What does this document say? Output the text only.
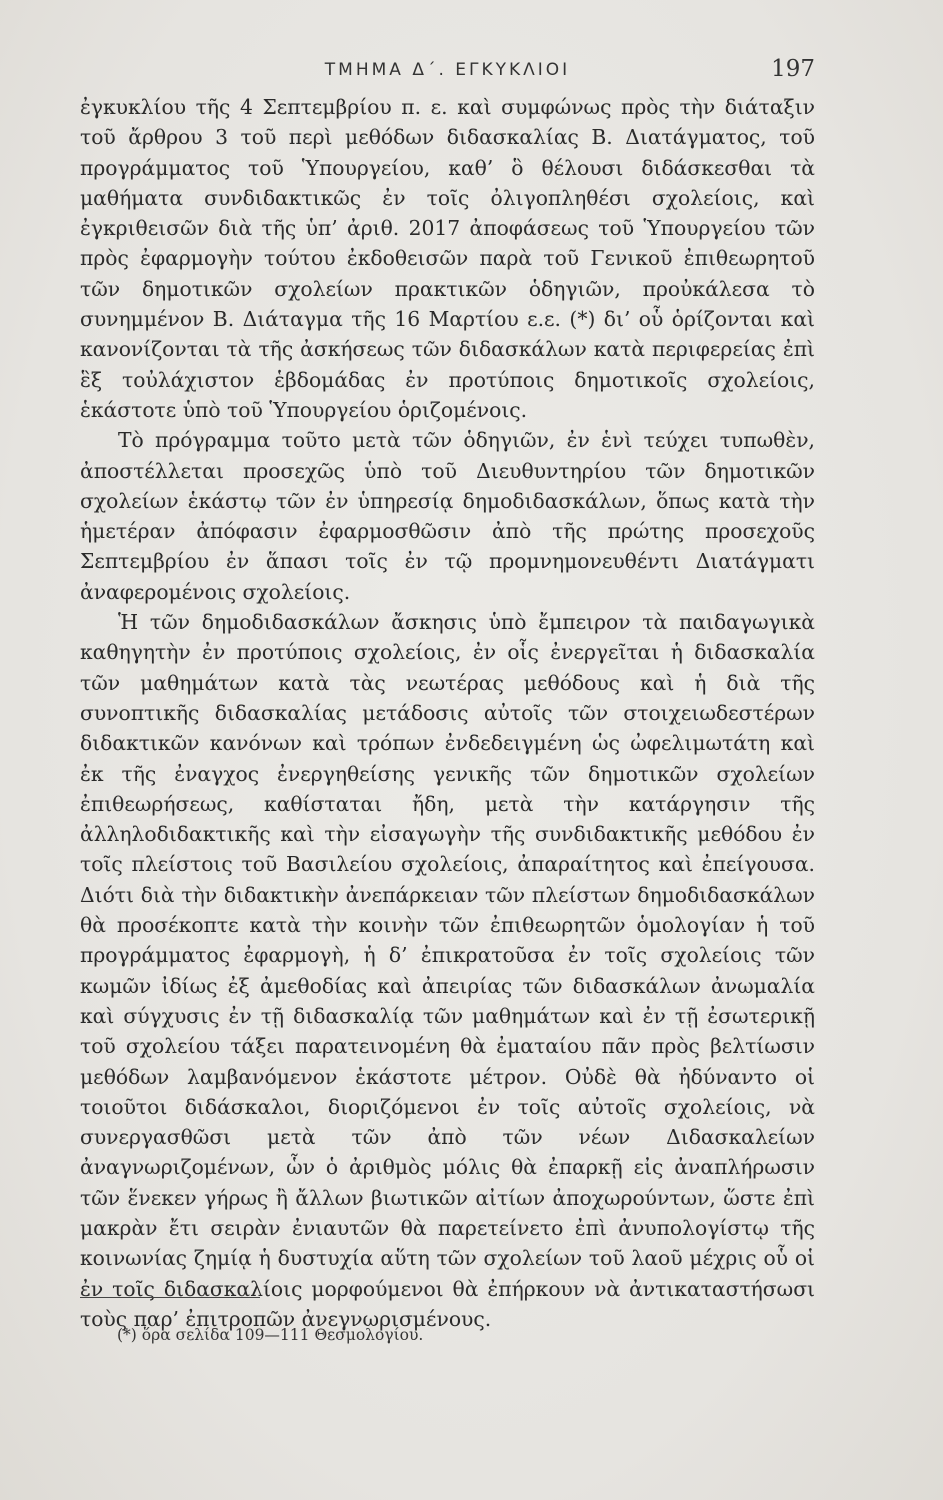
ΤΜΗΜΑ Δ΄. ΕΓΚΥΚΛΙΟΙ	197

ἐγκυκλίου τῆς 4 Σεπτεμβρίου π. ε. καὶ συμφώνως πρὸς τὴν διάταξιν τοῦ ἄρθρου 3 τοῦ περὶ μεθόδων διδασκαλίας Β. Διατάγματος, τοῦ προγράμματος τοῦ Ὑπουργείου, καθ’ ὃ θέλουσι διδάσκεσθαι τὰ μαθήματα συνδιδακτικῶς ἐν τοῖς ὀλιγοπληθέσι σχολείοις, καὶ ἐγκριθεισῶν διὰ τῆς ὑπ’ ἀριθ. 2017 ἀποφάσεως τοῦ Ὑπουργείου τῶν πρὸς ἐφαρμογὴν τούτου ἐκδοθεισῶν παρὰ τοῦ Γενικοῦ ἐπιθεωρητοῦ τῶν δημοτικῶν σχολείων πρακτικῶν ὁδηγιῶν, προὐκάλεσα τὸ συνημμένον Β. Διάταγμα τῆς 16 Μαρτίου ε.ε. (*) δι’ οὗ ὁρίζονται καὶ κανονίζονται τὰ τῆς ἀσκήσεως τῶν διδασκάλων κατὰ περιφερείας ἐπὶ ἓξ τοὐλάχιστον ἑβδομάδας ἐν προτύποις δημοτικοῖς σχολείοις, ἑκάστοτε ὑπὸ τοῦ Ὑπουργείου ὁριζομένοις.

Τὸ πρόγραμμα τοῦτο μετὰ τῶν ὁδηγιῶν, ἐν ἑνὶ τεύχει τυπωθὲν, ἀποστέλλεται προσεχῶς ὑπὸ τοῦ Διευθυντηρίου τῶν δημοτικῶν σχολείων ἑκάστῳ τῶν ἐν ὑπηρεσίᾳ δημοδιδασκάλων, ὅπως κατὰ τὴν ἡμετέραν ἀπόφασιν ἐφαρμοσθῶσιν ἀπὸ τῆς πρώτης προσεχοῦς Σεπτεμβρίου ἐν ἅπασι τοῖς ἐν τῷ προμνημονευθέντι Διατάγματι ἀναφερομένοις σχολείοις.

Ἡ τῶν δημοδιδασκάλων ἄσκησις ὑπὸ ἔμπειρον τὰ παιδαγωγικὰ καθηγητὴν ἐν προτύποις σχολείοις, ἐν οἷς ἐνεργεῖται ἡ διδασκαλία τῶν μαθημάτων κατὰ τὰς νεωτέρας μεθόδους καὶ ἡ διὰ τῆς συνοπτικῆς διδασκαλίας μετάδοσις αὐτοῖς τῶν στοιχειωδεστέρων διδακτικῶν κανόνων καὶ τρόπων ἐνδεδειγμένη ὡς ὠφελιμωτάτη καὶ ἐκ τῆς ἐναγχος ἐνεργηθείσης γενικῆς τῶν δημοτικῶν σχολείων ἐπιθεωρήσεως, καθίσταται ἤδη, μετὰ τὴν κατάργησιν τῆς ἀλληλοδιδακτικῆς καὶ τὴν εἰσαγωγὴν τῆς συνδιδακτικῆς μεθόδου ἐν τοῖς πλείστοις τοῦ Βασιλείου σχολείοις, ἀπαραίτητος καὶ ἐπείγουσα. Διότι διὰ τὴν διδακτικὴν ἀνεπάρκειαν τῶν πλείστων δημοδιδασκάλων θὰ προσέκοπτε κατὰ τὴν κοινὴν τῶν ἐπιθεωρητῶν ὁμολογίαν ἡ τοῦ προγράμματος ἐφαρμογὴ, ἡ δ’ ἐπικρατοῦσα ἐν τοῖς σχολείοις τῶν κωμῶν ἰδίως ἐξ ἀμεθοδίας καὶ ἀπειρίας τῶν διδασκάλων ἀνωμαλία καὶ σύγχυσις ἐν τῇ διδασκαλίᾳ τῶν μαθημάτων καὶ ἐν τῇ ἐσωτερικῇ τοῦ σχολείου τάξει παρατεινομένη θὰ ἐματαίου πᾶν πρὸς βελτίωσιν μεθόδων λαμβανόμενον ἑκάστοτε μέτρον. Οὐδὲ θὰ ἠδύναντο οἱ τοιοῦτοι διδάσκαλοι, διοριζόμενοι ἐν τοῖς αὐτοῖς σχολείοις, νὰ συνεργασθῶσι μετὰ τῶν ἀπὸ τῶν νέων Διδασκαλείων ἀναγνωριζομένων, ὧν ὁ ἀριθμὸς μόλις θὰ ἐπαρκῇ εἰς ἀναπλήρωσιν τῶν ἕνεκεν γήρως ἢ ἄλλων βιωτικῶν αἰτίων ἀποχωρούντων, ὥστε ἐπὶ μακρὰν ἔτι σειρὰν ἐνιαυτῶν θὰ παρετείνετο ἐπὶ ἀνυπολογίστῳ τῆς κοινωνίας ζημίᾳ ἡ δυστυχία αὕτη τῶν σχολείων τοῦ λαοῦ μέχρις οὗ οἱ ἐν τοῖς διδασκαλίοις μορφούμενοι θὰ ἐπήρκουν νὰ ἀντικαταστήσωσι τοὺς παρ’ ἐπιτροπῶν ἀνεγνωρισμένους.

(*) ὅρα σελίδα 109—111 Θεσμολογίου.
